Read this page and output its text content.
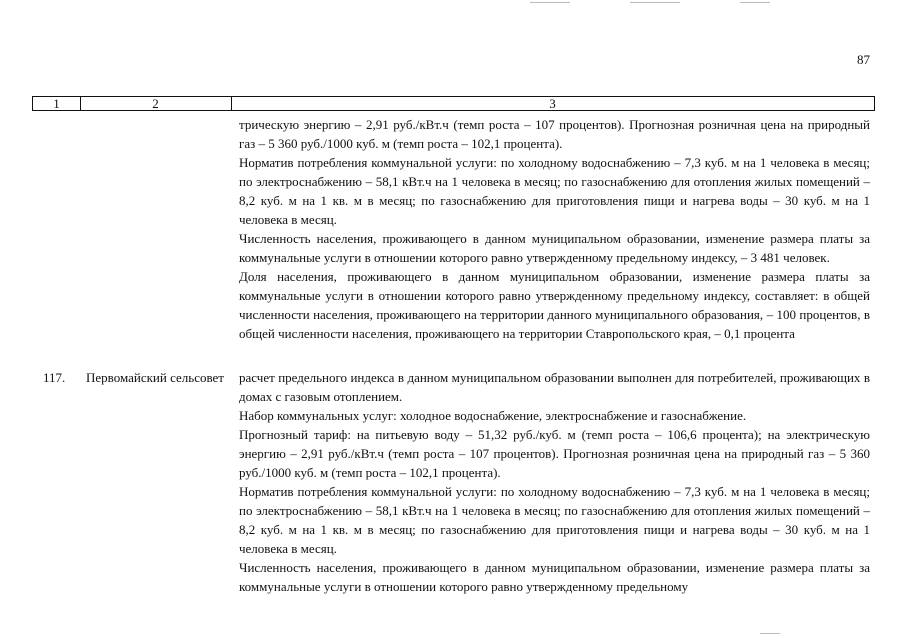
87
1	2	3

трическую энергию – 2,91 руб./кВт.ч (темп роста – 107 процентов). Прогнозная розничная цена на природный газ – 5 360 руб./1000 куб. м (темп роста – 102,1 процента).

Норматив потребления коммунальной услуги: по холодному водоснабжению – 7,3 куб. м на 1 человека в месяц; по электроснабжению – 58,1 кВт.ч на 1 человека в месяц; по газоснабжению для отопления жилых помещений – 8,2 куб. м на 1 кв. м в месяц; по газоснабжению для приготовления пищи и нагрева воды – 30 куб. м на 1 человека в месяц.

Численность населения, проживающего в данном муниципальном образовании, изменение размера платы за коммунальные услуги в отношении которого равно утвержденному предельному индексу, – 3 481 человек.

Доля населения, проживающего в данном муниципальном образовании, изменение размера платы за коммунальные услуги в отношении которого равно утвержденному предельному индексу, составляет: в общей численности населения, проживающего на территории данного муниципального образования, – 100 процентов, в общей численности населения, проживающего на территории Ставропольского края, – 0,1 процента

117. Первомайский сельсовет	расчет предельного индекса в данном муниципальном образовании выполнен для потребителей, проживающих в домах с газовым отоплением.

Набор коммунальных услуг: холодное водоснабжение, электроснабжение и газоснабжение.

Прогнозный тариф: на питьевую воду – 51,32 руб./куб. м (темп роста – 106,6 процента); на электрическую энергию – 2,91 руб./кВт.ч (темп роста – 107 процентов). Прогнозная розничная цена на природный газ – 5 360 руб./1000 куб. м (темп роста – 102,1 процента).

Норматив потребления коммунальной услуги: по холодному водоснабжению – 7,3 куб. м на 1 человека в месяц; по электроснабжению – 58,1 кВт.ч на 1 человека в месяц; по газоснабжению для отопления жилых помещений – 8,2 куб. м на 1 кв. м в месяц; по газоснабжению для приготовления пищи и нагрева воды – 30 куб. м на 1 человека в месяц.

Численность населения, проживающего в данном муниципальном образовании, изменение размера платы за коммунальные услуги в отношении которого равно утвержденному предельному
